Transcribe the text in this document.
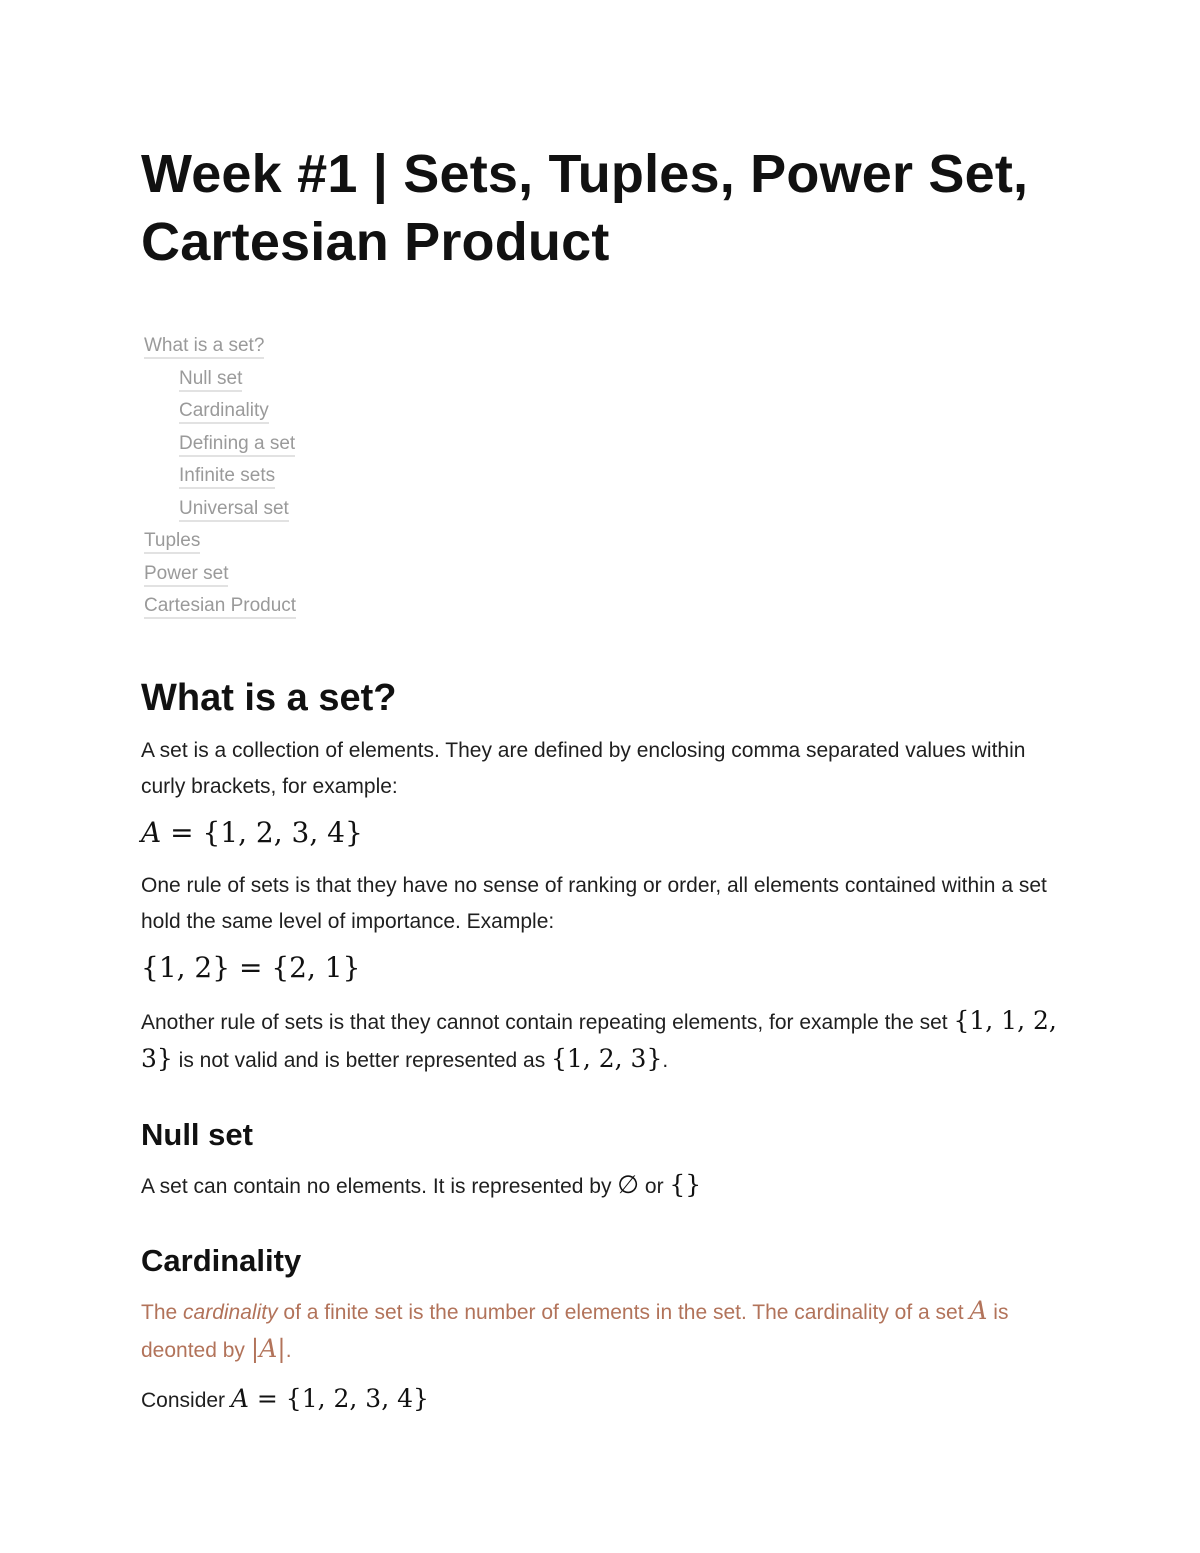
Week #1 | Sets, Tuples, Power Set, Cartesian Product
What is a set?
Null set
Cardinality
Defining a set
Infinite sets
Universal set
Tuples
Power set
Cartesian Product
What is a set?

A set is a collection of elements. They are defined by enclosing comma separated values within curly brackets, for example:

A = {1, 2, 3, 4}

One rule of sets is that they have no sense of ranking or order, all elements contained within a set hold the same level of importance. Example:

{1, 2} = {2, 1}

Another rule of sets is that they cannot contain repeating elements, for example the set {1, 1, 2, 3} is not valid and is better represented as {1, 2, 3}.

Null set

A set can contain no elements. It is represented by ∅ or {}

Cardinality

The cardinality of a finite set is the number of elements in the set. The cardinality of a set A is deonted by |A|.

Consider A = {1, 2, 3, 4}
